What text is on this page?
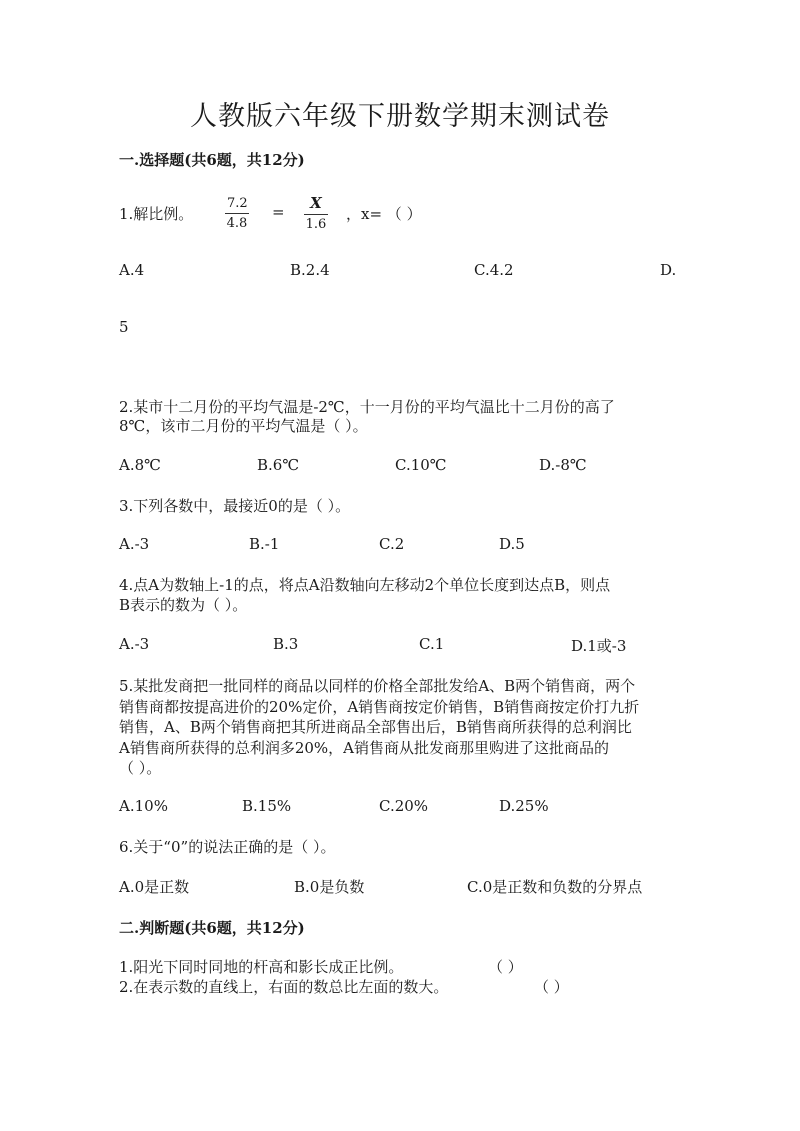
人教版六年级下册数学期末测试卷
一.选择题(共6题，共12分)
1.解比例。 $\frac{7.2}{4.8} = \frac{X}{1.6}$ ，x= （ ）
A.4	B.2.4	C.4.2	D.
5
2.某市十二月份的平均气温是-2℃，十一月份的平均气温比十二月份的高了
8℃，该市二月份的平均气温是（ ）。
A.8℃	B.6℃	C.10℃	D.-8℃
3.下列各数中，最接近0的是（ ）。
A.-3	B.-1	C.2	D.5
4.点A为数轴上-1的点，将点A沿数轴向左移动2个单位长度到达点B，则点
B表示的数为（ ）。
A.-3	B.3	C.1	D.1或-3
5.某批发商把一批同样的商品以同样的价格全部批发给A、B两个销售商，两个
销售商都按提高进价的20%定价，A销售商按定价销售，B销售商按定价打九折
销售，A、B两个销售商把其所进商品全部售出后，B销售商所获得的总利润比
A销售商所获得的总利润多20%，A销售商从批发商那里购进了这批商品的
（ ）。
A.10%	B.15%	C.20%	D.25%
6.关于“0”的说法正确的是（ ）。
A.0是正数	B.0是负数	C.0是正数和负数的分界点
二.判断题(共6题，共12分)
1.阳光下同时同地的杆高和影长成正比例。	（ ）
2.在表示数的直线上，右面的数总比左面的数大。	（ ）
